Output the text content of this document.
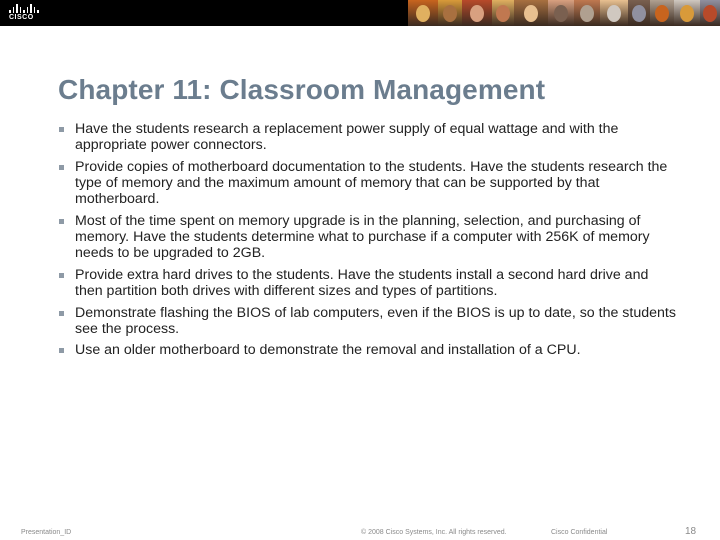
CISCO
Chapter 11: Classroom Management
Have the students research a replacement power supply of equal wattage and with the appropriate power connectors.
Provide copies of motherboard documentation to the students. Have the students research the type of memory and the maximum amount of memory that can be supported by that motherboard.
Most of the time spent on memory upgrade is in the planning, selection, and purchasing of memory. Have the students determine what to purchase if a computer with 256K of memory needs to be upgraded to 2GB.
Provide extra hard drives to the students. Have the students install a second hard drive and then partition both drives with different sizes and types of partitions.
Demonstrate flashing the BIOS of lab computers, even if the BIOS is up to date, so the students see the process.
Use an older motherboard to demonstrate the removal and installation of a CPU.
Presentation_ID	© 2008 Cisco Systems, Inc. All rights reserved.	Cisco Confidential	18
